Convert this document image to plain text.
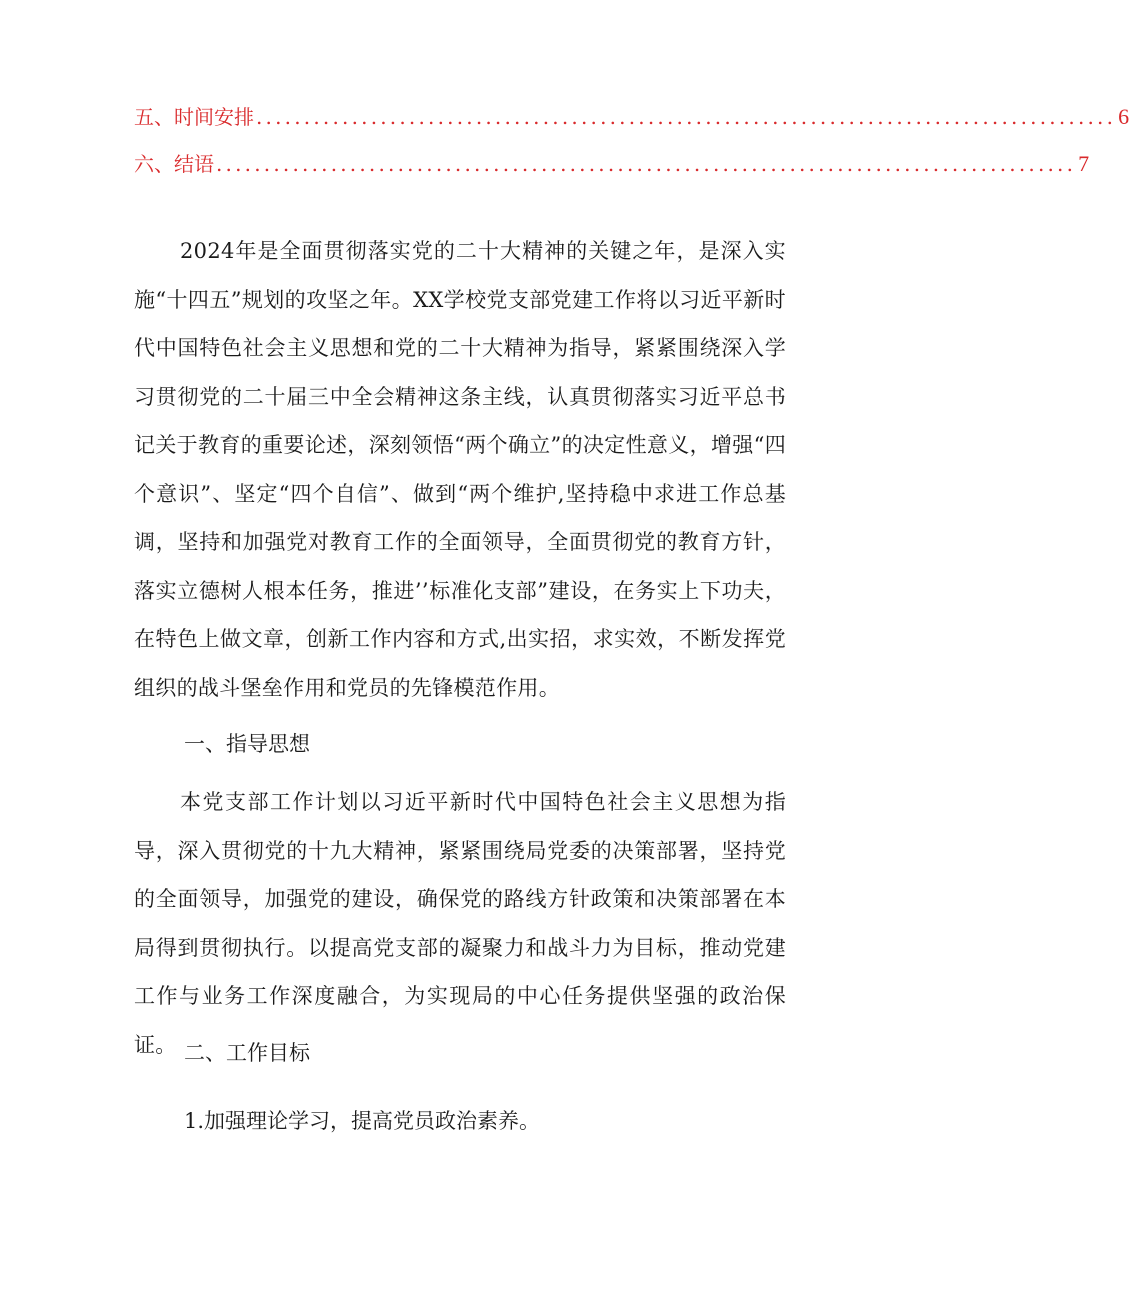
五、时间安排 .......................................................................................... 6
六、结语 .......................................................................................... 7

2024年是全面贯彻落实党的二十大精神的关键之年，是深入实施“十四五”规划的攻坚之年。XX学校党支部党建工作将以习近平新时代中国特色社会主义思想和党的二十大精神为指导，紧紧围绕深入学习贯彻党的二十届三中全会精神这条主线，认真贯彻落实习近平总书记关于教育的重要论述，深刻领悟“两个确立”的决定性意义，增强“四个意识”、坚定“四个自信”、做到“两个维护,坚持稳中求进工作总基调，坚持和加强党对教育工作的全面领导，全面贯彻党的教育方针，落实立德树人根本任务，推进’’标准化支部”建设，在务实上下功夫，在特色上做文章，创新工作内容和方式,出实招，求实效，不断发挥党组织的战斗堡垒作用和党员的先锋模范作用。

一、指导思想

本党支部工作计划以习近平新时代中国特色社会主义思想为指导，深入贯彻党的十九大精神，紧紧围绕局党委的决策部署，坚持党的全面领导，加强党的建设，确保党的路线方针政策和决策部署在本局得到贯彻执行。以提高党支部的凝聚力和战斗力为目标，推动党建工作与业务工作深度融合，为实现局的中心任务提供坚强的政治保证。 二、工作目标

1.加强理论学习，提高党员政治素养。
